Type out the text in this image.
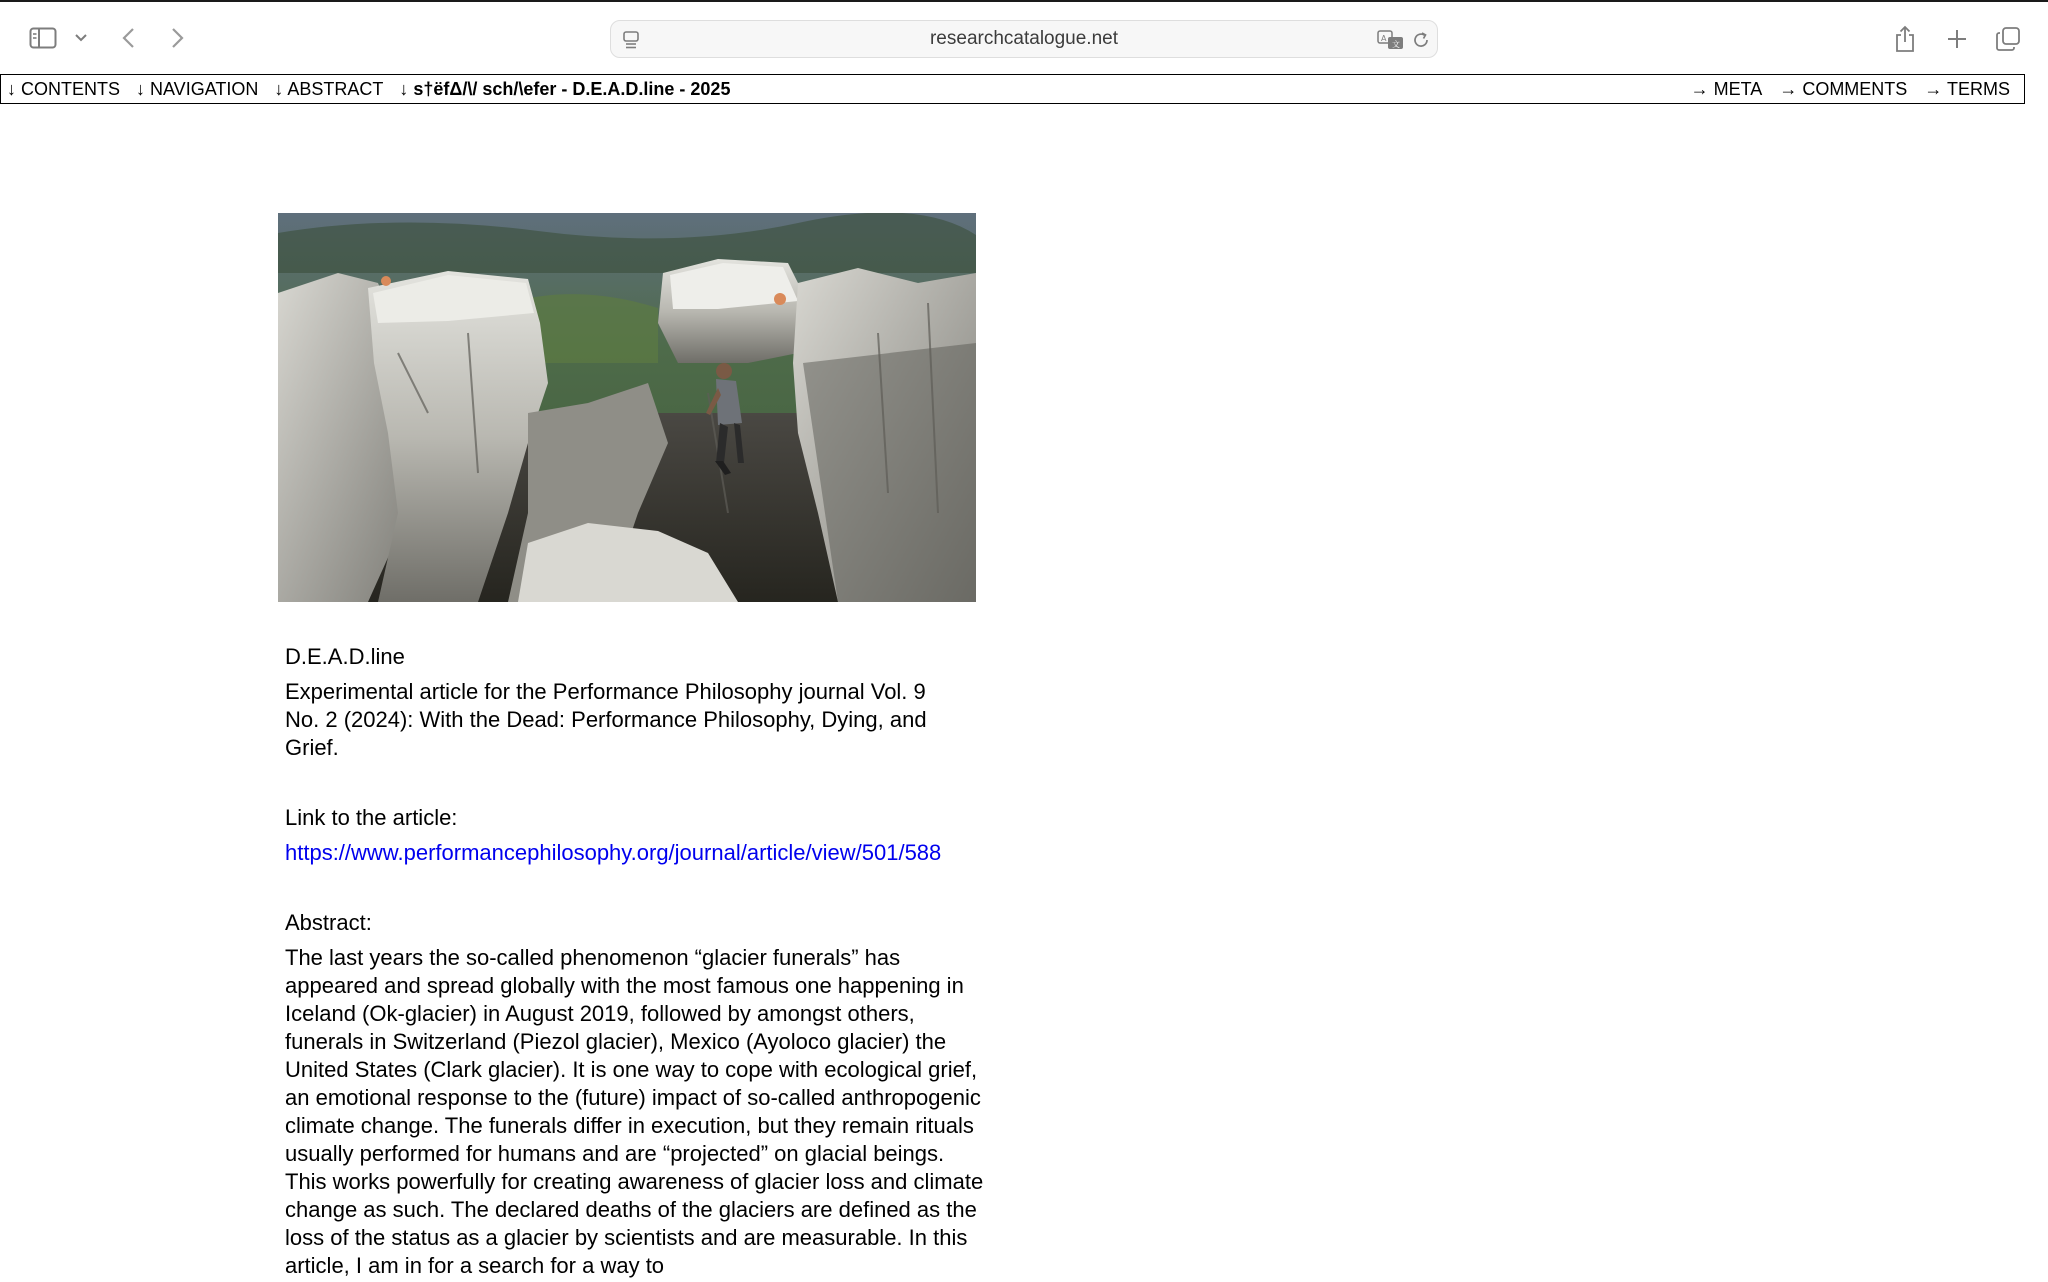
researchcatalogue.net	A
文
↓ CONTENTS ↓ NAVIGATION ↓ ABSTRACT ↓ s†ëfΔ/\/ sch/\efer - D.E.A.D.line - 2025	→ META → COMMENTS → TERMS
D.E.A.D.line
Experimental article for the Performance Philosophy journal Vol. 9 No. 2 (2024): With the Dead: Performance Philosophy, Dying, and Grief.
Link to the article:
https://www.performancephilosophy.org/journal/article/view/501/588
Abstract:
The last years the so-called phenomenon “glacier funerals” has appeared and spread globally with the most famous one happening in Iceland (Ok-glacier) in August 2019, followed by amongst others, funerals in Switzerland (Piezol glacier), Mexico (Ayoloco glacier) the United States (Clark glacier). It is one way to cope with ecological grief, an emotional response to the (future) impact of so-called anthropogenic climate change. The funerals differ in execution, but they remain rituals usually performed for humans and are “projected” on glacial beings. This works powerfully for creating awareness of glacier loss and climate change as such. The declared deaths of the glaciers are defined as the loss of the status as a glacier by scientists and are measurable. In this article, I am in for a search for a way to
